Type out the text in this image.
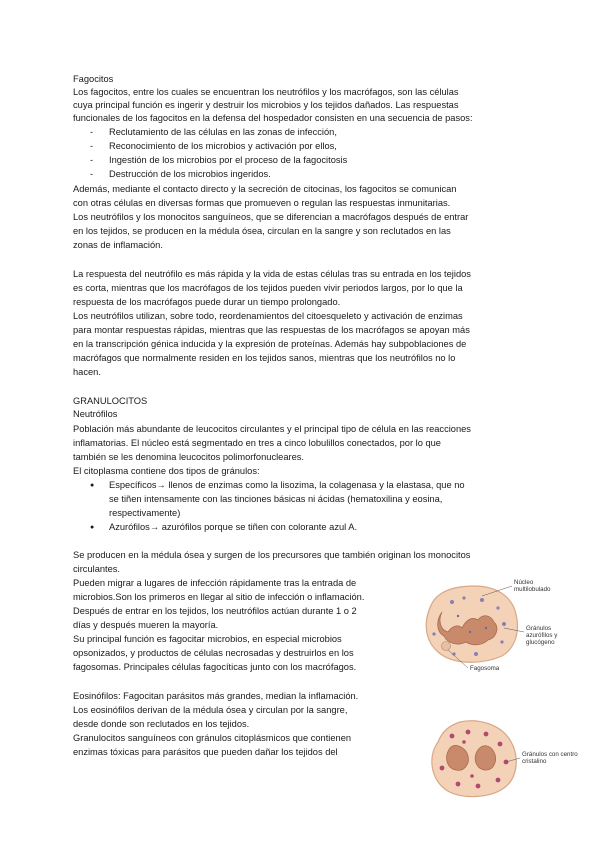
Fagocitos

Los fagocitos, entre los cuales se encuentran los neutrófilos y los macrófagos, son las células

cuya principal función es ingerir y destruir los microbios y los tejidos dañados. Las respuestas

funcionales de los fagocitos en la defensa del hospedador consisten en una secuencia de pasos:

- Reclutamiento de las células en las zonas de infección,
- Reconocimiento de los microbios y activación por ellos,
- Ingestión de los microbios por el proceso de la fagocitosis
- Destrucción de los microbios ingeridos.

Además, mediante el contacto directo y la secreción de citocinas, los fagocitos se comunican

con otras células en diversas formas que promueven o regulan las respuestas inmunitarias.

Los neutrófilos y los monocitos sanguíneos, que se diferencian a macrófagos después de entrar

en los tejidos, se producen en la médula ósea, circulan en la sangre y son reclutados en las

zonas de inflamación.

La respuesta del neutrófilo es más rápida y la vida de estas células tras su entrada en los tejidos

es corta, mientras que los macrófagos de los tejidos pueden vivir periodos largos, por lo que la

respuesta de los macrófagos puede durar un tiempo prolongado.

Los neutrófilos utilizan, sobre todo, reordenamientos del citoesqueleto y activación de enzimas

para montar respuestas rápidas, mientras que las respuestas de los macrófagos se apoyan más

en la transcripción génica inducida y la expresión de proteínas. Además hay subpoblaciones de

macrófagos que normalmente residen en los tejidos sanos, mientras que los neutrófilos no lo

hacen.

GRANULOCITOS

Neutrófilos

Población más abundante de leucocitos circulantes y el principal tipo de célula en las reacciones

inflamatorias. El núcleo está segmentado en tres a cinco lobulillos conectados, por lo que

también se les denomina leucocitos polimorfonucleares.

El citoplasma contiene dos tipos de gránulos:

● Específicos→ llenos de enzimas como la lisozima, la colagenasa y la elastasa, que no
se tiñen intensamente con las tinciones básicas ni ácidas (hematoxilina y eosina,
respectivamente)
● Azurófilos→ azurófilos porque se tiñen con colorante azul A.

Se producen en la médula ósea y surgen de los precursores que también originan los monocitos

circulantes.

Pueden migrar a lugares de infección rápidamente tras la entrada de

microbios.Son los primeros en llegar al sitio de infección o inflamación.

Después de entrar en los tejidos, los neutrófilos actúan durante 1 o 2

días y después mueren la mayoría.

Su principal función es fagocitar microbios, en especial microbios

opsonizados, y productos de células necrosadas y destruirlos en los

fagosomas. Principales células fagocíticas junto con los macrófagos.

Eosinófilos: Fagocitan parásitos más grandes, median la inflamación.

Los eosinófilos derivan de la médula ósea y circulan por la sangre,

desde donde son reclutados en los tejidos.

Granulocitos sanguíneos con gránulos citoplásmicos que contienen

enzimas tóxicas para parásitos que pueden dañar los tejidos del

Núcleo
multilobulado
Gránulos
azurófilos y
glucógeno
Fagosoma
Gránulos con centro
cristalino
